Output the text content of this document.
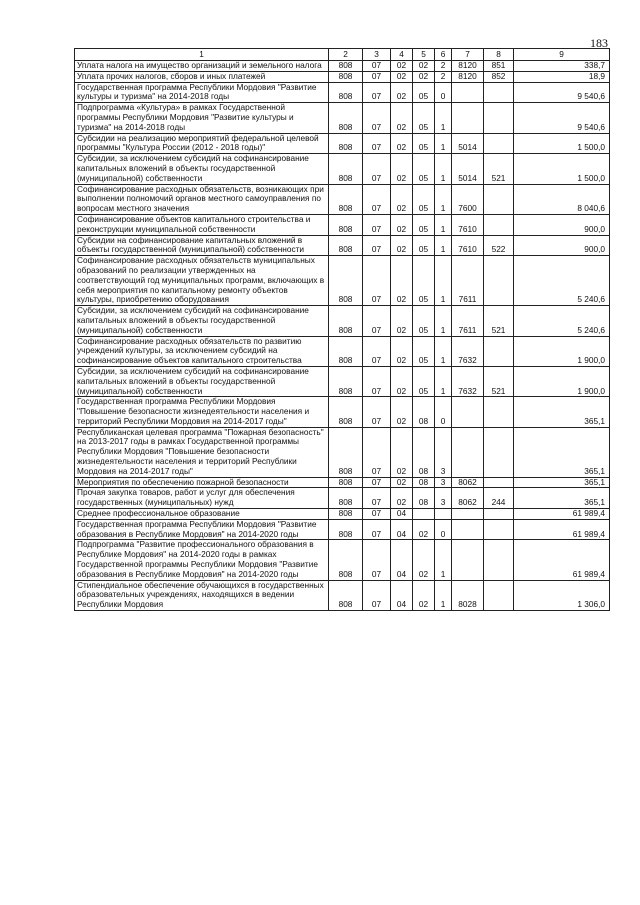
183
1	2	3	4	5	6	7	8	9
Уплата налога на имущество организаций и земельного налога	808	07	02	02	2	8120	851	338,7
Уплата прочих налогов, сборов и иных платежей	808	07	02	02	2	8120	852	18,9
Государственная программа Республики Мордовия "Развитие культуры и туризма" на 2014-2018 годы	808	07	02	05	0			9 540,6
Подпрограмма «Культура» в рамках Государственной программы Республики Мордовия "Развитие культуры и туризма" на 2014-2018 годы	808	07	02	05	1			9 540,6
Субсидии на реализацию мероприятий федеральной целевой программы "Культура России (2012 - 2018 годы)"	808	07	02	05	1	5014		1 500,0
Субсидии, за исключением субсидий на софинансирование капитальных вложений в объекты государственной (муниципальной) собственности	808	07	02	05	1	5014	521	1 500,0
Софинансирование расходных обязательств, возникающих при выполнении полномочий органов местного самоуправления по вопросам местного значения	808	07	02	05	1	7600		8 040,6
Софинансирование объектов капитального строительства и реконструкции муниципальной собственности	808	07	02	05	1	7610		900,0
Субсидии на софинансирование капитальных вложений в объекты государственной (муниципальной) собственности	808	07	02	05	1	7610	522	900,0
Софинансирование расходных обязательств муниципальных образований по реализации утвержденных на соответствующий год муниципальных программ, включающих в себя мероприятия по капитальному ремонту объектов культуры, приобретению оборудования	808	07	02	05	1	7611		5 240,6
Субсидии, за исключением субсидий на софинансирование капитальных вложений в объекты государственной (муниципальной) собственности	808	07	02	05	1	7611	521	5 240,6
Софинансирование расходных обязательств по развитию учреждений культуры, за исключением субсидий на софинансирование объектов капитального строительства	808	07	02	05	1	7632		1 900,0
Субсидии, за исключением субсидий на софинансирование капитальных вложений в объекты государственной (муниципальной) собственности	808	07	02	05	1	7632	521	1 900,0
Государственная программа Республики Мордовия "Повышение безопасности жизнедеятельности населения и территорий Республики Мордовия на 2014-2017 годы"	808	07	02	08	0			365,1
Республиканская целевая программа "Пожарная безопасность" на 2013-2017 годы в рамках Государственной программы Республики Мордовия "Повышение безопасности жизнедеятельности населения и территорий Республики Мордовия на 2014-2017 годы"	808	07	02	08	3			365,1
Мероприятия по обеспечению пожарной безопасности	808	07	02	08	3	8062		365,1
Прочая закупка товаров, работ и услуг для обеспечения государственных (муниципальных) нужд	808	07	02	08	3	8062	244	365,1
Среднее профессиональное образование	808	07	04					61 989,4
Государственная программа Республики Мордовия "Развитие образования в Республике Мордовия" на 2014-2020 годы	808	07	04	02	0			61 989,4
Подпрограмма "Развитие профессионального образования в Республике Мордовия" на 2014-2020 годы в рамках Государственной программы Республики Мордовия "Развитие образования в Республике Мордовия" на 2014-2020 годы	808	07	04	02	1			61 989,4
Стипендиальное обеспечение обучающихся в государственных образовательных учреждениях, находящихся в ведении Республики Мордовия	808	07	04	02	1	8028		1 306,0
